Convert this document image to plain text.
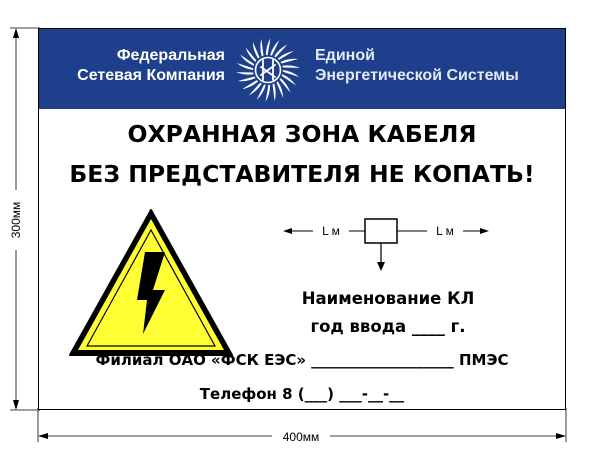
400мм
300мм
Федеральная
Сетевая Компания
Единой
Энергетической Системы
ОХРАННАЯ ЗОНА КАБЕЛЯ
БЕЗ ПРЕДСТАВИТЕЛЯ НЕ КОПАТЬ!
L м	L м
Наименование КЛ
год ввода ____ г.
Филиал ОАО «ФСК ЕЭС» ___________________ ПМЭС
Телефон 8 (___) ___-__-__
